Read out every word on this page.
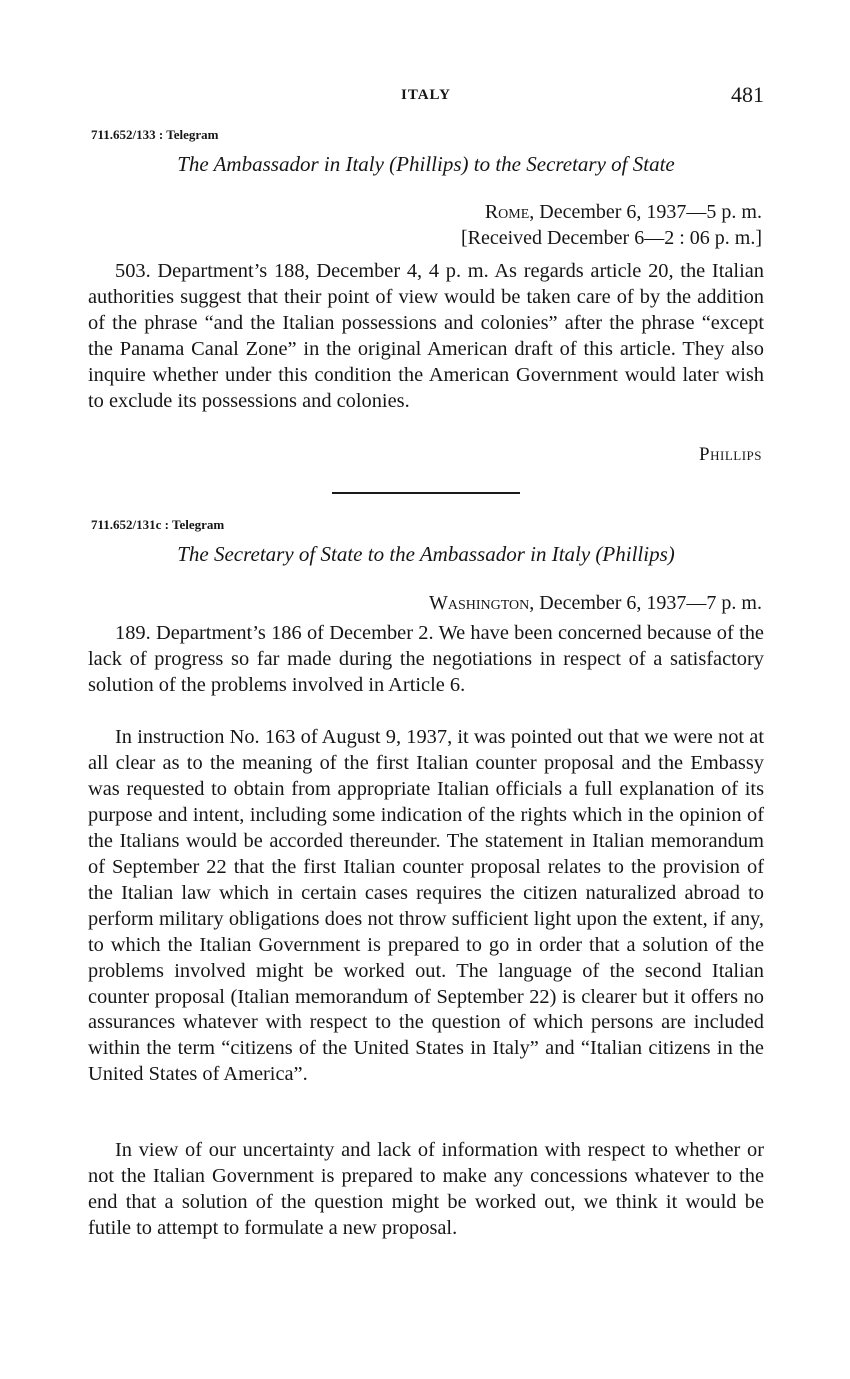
ITALY	481
711.652/133 : Telegram
The Ambassador in Italy (Phillips) to the Secretary of State
Rome, December 6, 1937—5 p. m.
[Received December 6—2 : 06 p. m.]

503. Department’s 188, December 4, 4 p. m. As regards article 20, the Italian authorities suggest that their point of view would be taken care of by the addition of the phrase “and the Italian possessions and colonies” after the phrase “except the Panama Canal Zone” in the original American draft of this article. They also inquire whether under this condition the American Government would later wish to exclude its possessions and colonies.

Phillips
711.652/131c : Telegram
The Secretary of State to the Ambassador in Italy (Phillips)
Washington, December 6, 1937—7 p. m.

189. Department’s 186 of December 2. We have been concerned because of the lack of progress so far made during the negotiations in respect of a satisfactory solution of the problems involved in Article 6.

In instruction No. 163 of August 9, 1937, it was pointed out that we were not at all clear as to the meaning of the first Italian counter proposal and the Embassy was requested to obtain from appropriate Italian officials a full explanation of its purpose and intent, including some indication of the rights which in the opinion of the Italians would be accorded thereunder. The statement in Italian memorandum of September 22 that the first Italian counter proposal relates to the provision of the Italian law which in certain cases requires the citizen naturalized abroad to perform military obligations does not throw sufficient light upon the extent, if any, to which the Italian Government is prepared to go in order that a solution of the problems involved might be worked out. The language of the second Italian counter proposal (Italian memorandum of September 22) is clearer but it offers no assurances whatever with respect to the question of which persons are included within the term “citizens of the United States in Italy” and “Italian citizens in the United States of America”.

In view of our uncertainty and lack of information with respect to whether or not the Italian Government is prepared to make any concessions whatever to the end that a solution of the question might be worked out, we think it would be futile to attempt to formulate a new proposal.
